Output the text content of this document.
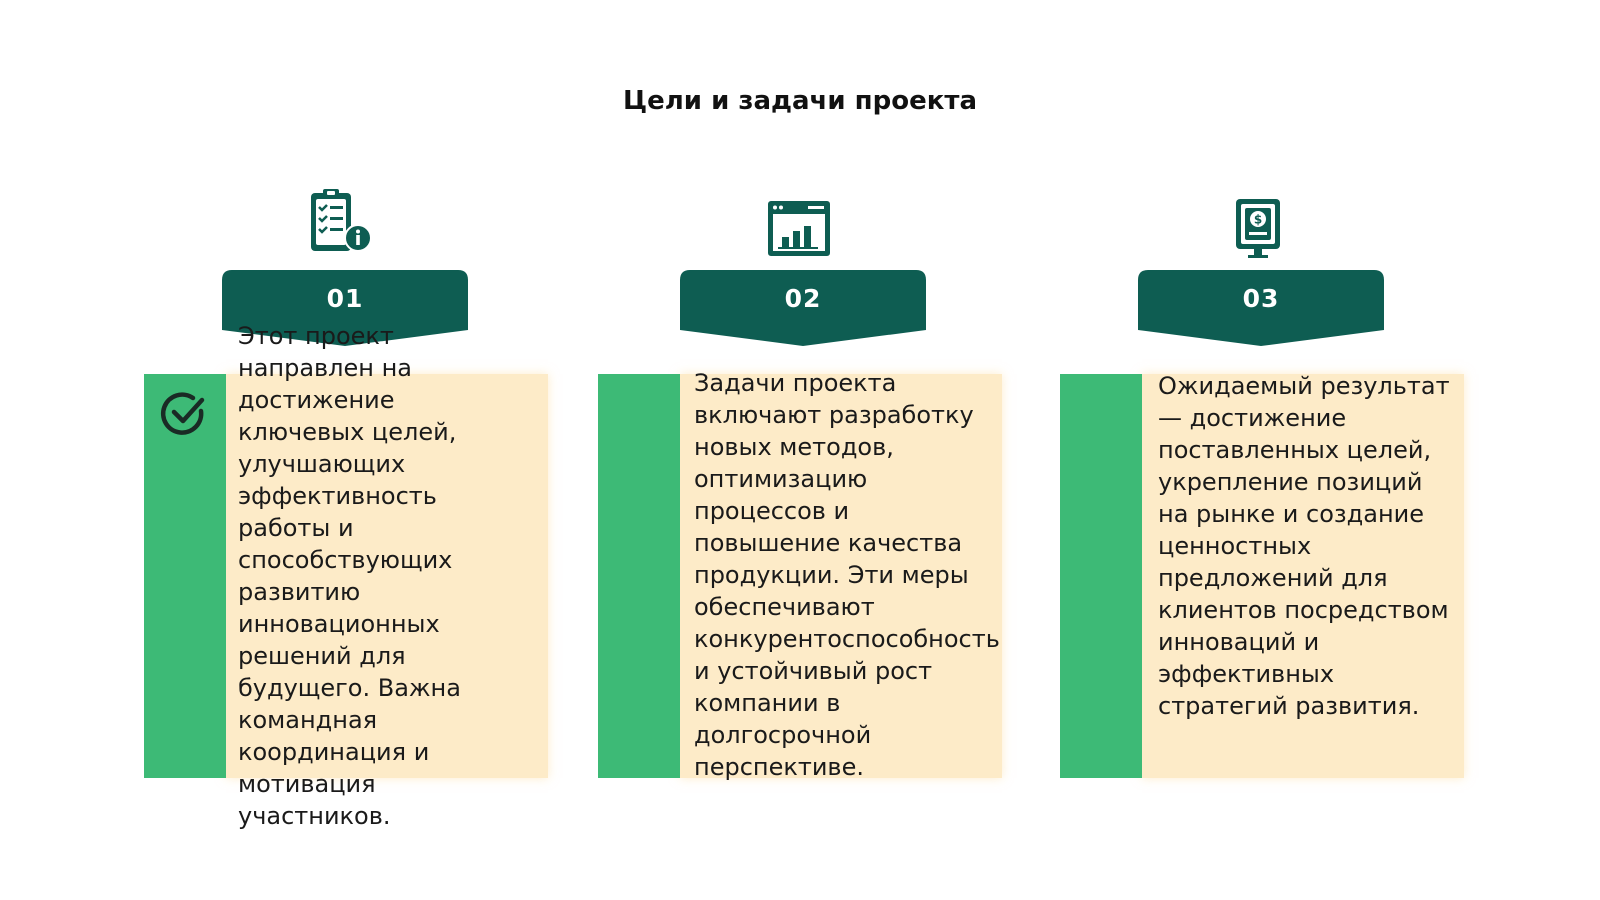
Цели и задачи проекта
01
Этот проект направлен на достижение ключевых целей, улучшающих эффективность работы и способствующих развитию инновационных решений для будущего. Важна командная координация и мотивация участников.
02
Задачи проекта включают разработку новых методов, оптимизацию процессов и повышение качества продукции. Эти меры обеспечивают конкурентоспособность и устойчивый рост компании в долгосрочной перспективе.
$
03
Ожидаемый результат — достижение поставленных целей, укрепление позиций на рынке и создание ценностных предложений для клиентов посредством инноваций и эффективных стратегий развития.
